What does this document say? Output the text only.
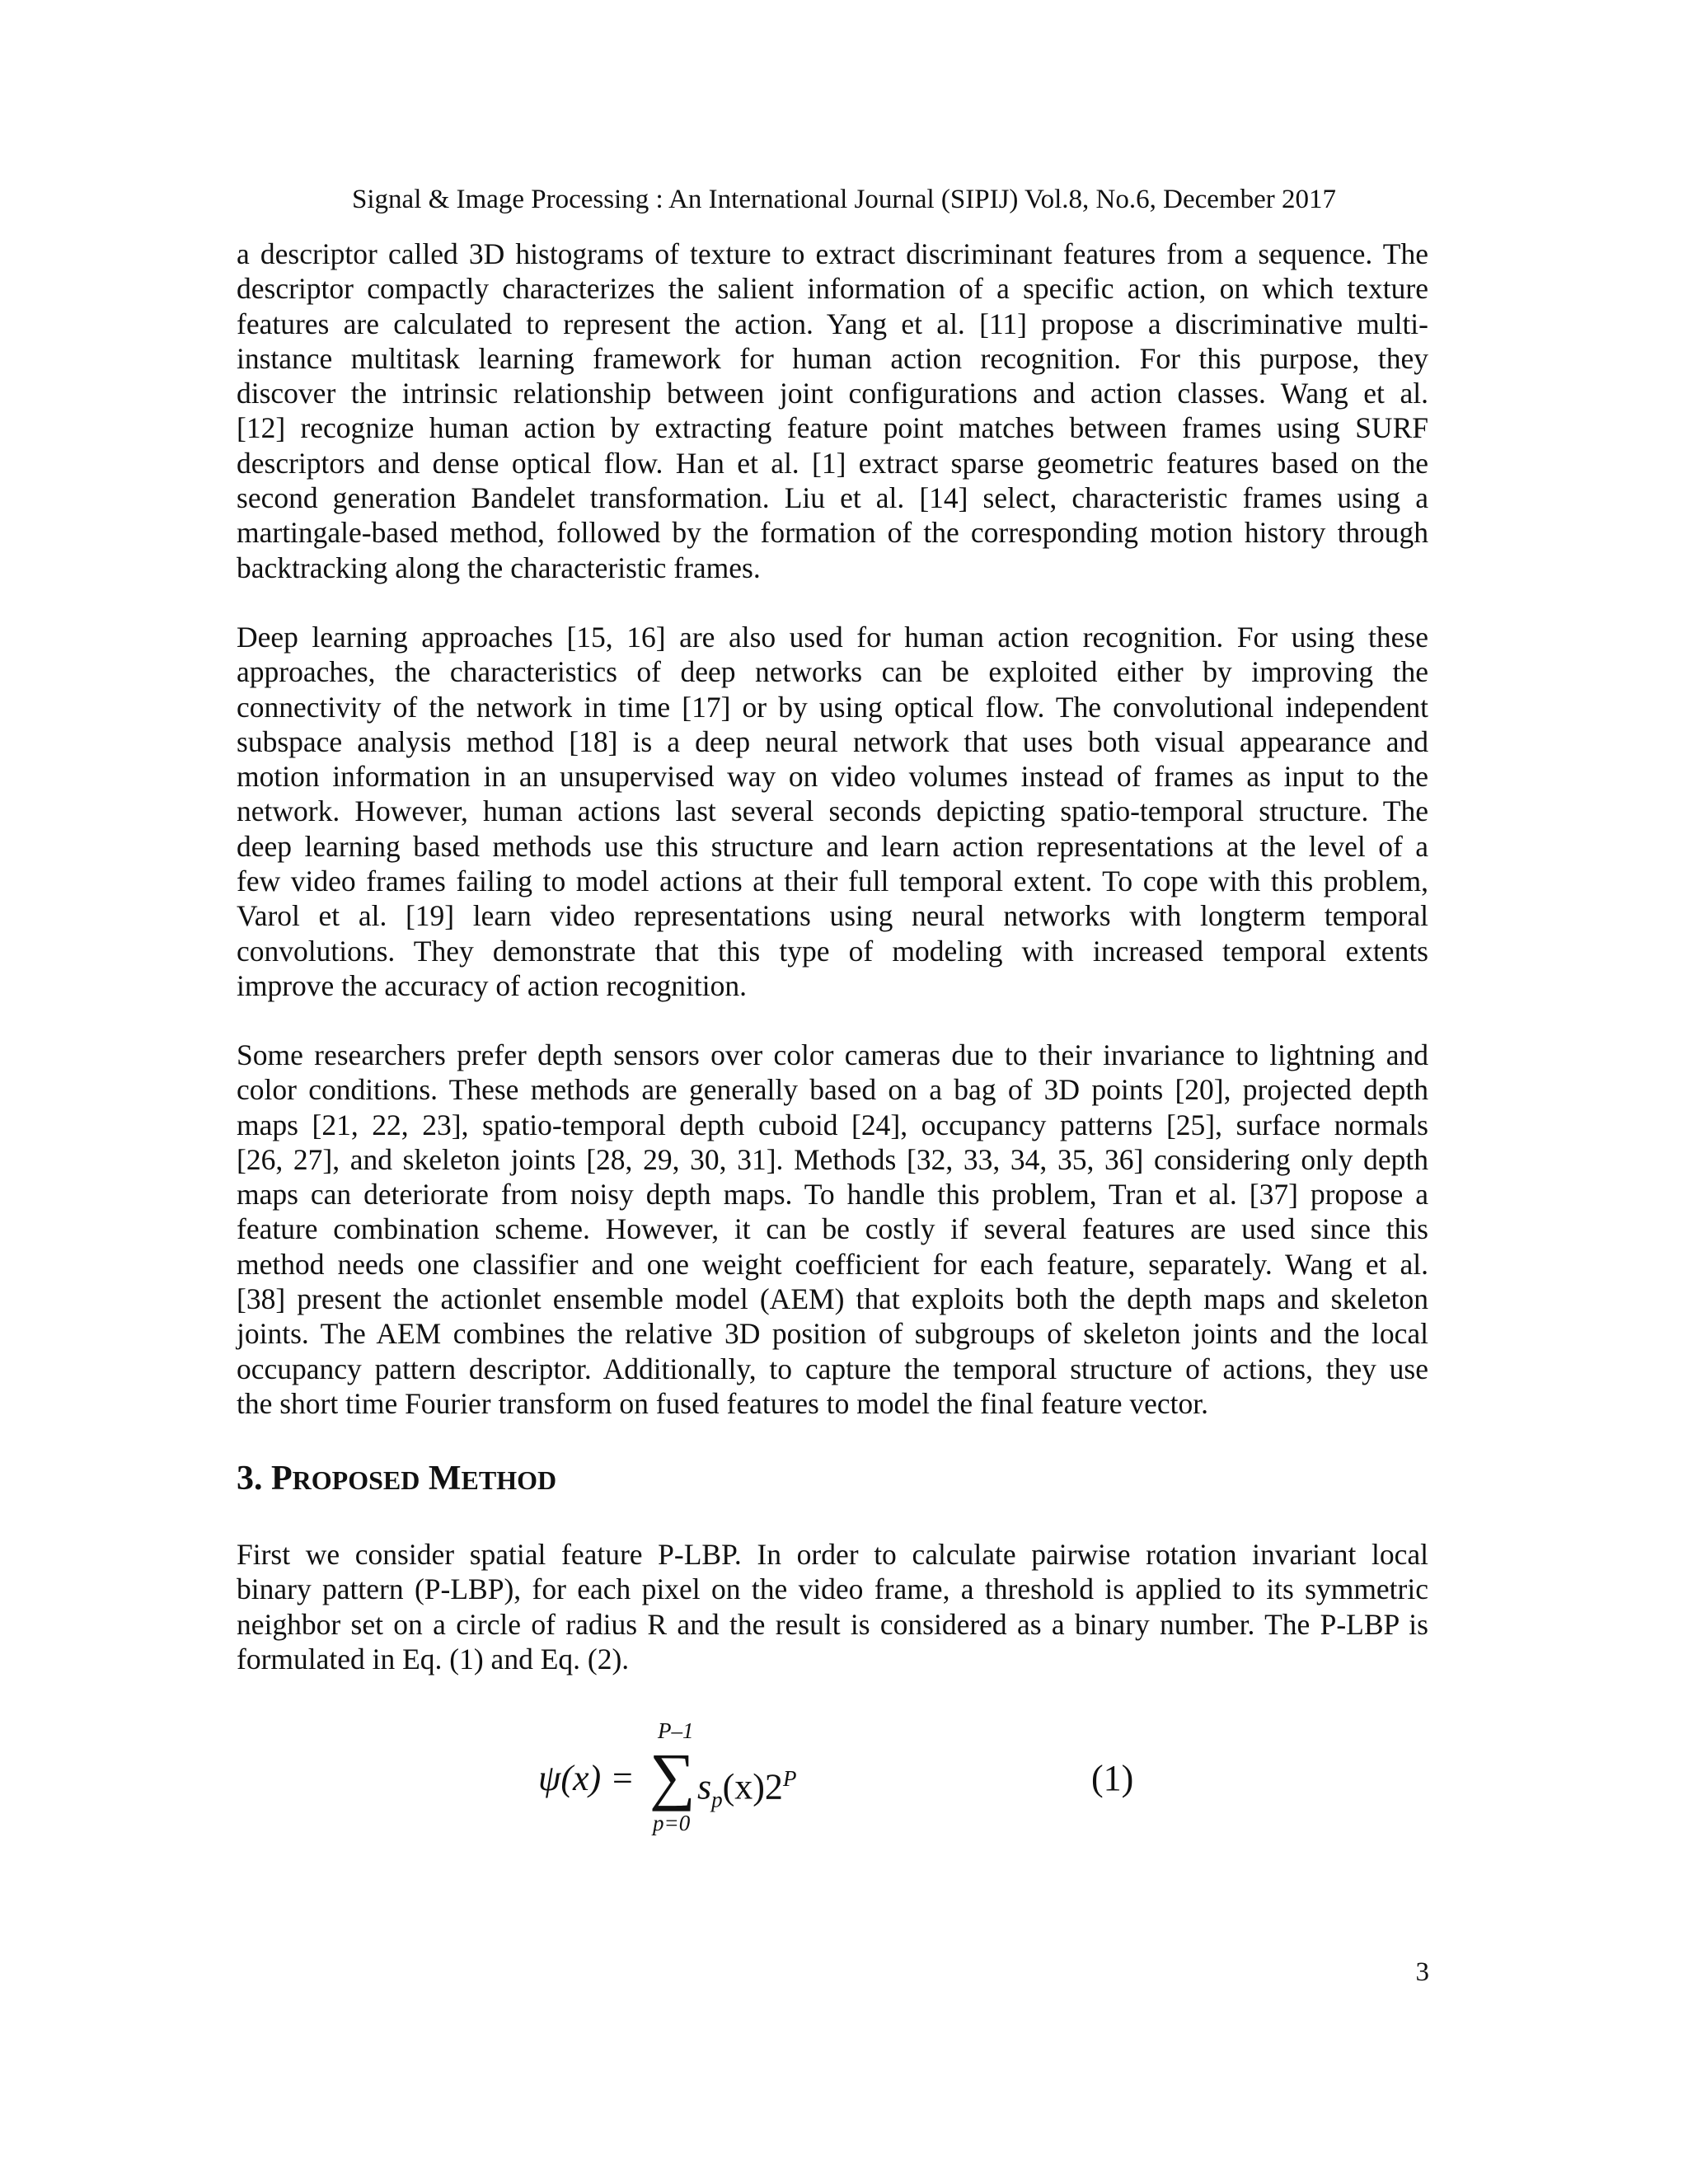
Signal & Image Processing : An International Journal (SIPIJ) Vol.8, No.6, December 2017

a descriptor called 3D histograms of texture to extract discriminant features from a sequence. The
descriptor compactly characterizes the salient information of a specific action, on which texture
features are calculated to represent the action. Yang et al. [11] propose a discriminative multi-
instance multitask learning framework for human action recognition. For this purpose, they
discover the intrinsic relationship between joint configurations and action classes. Wang et al.
[12] recognize human action by extracting feature point matches between frames using SURF
descriptors and dense optical flow. Han et al. [1] extract sparse geometric features based on the
second generation Bandelet transformation. Liu et al. [14] select, characteristic frames using a
martingale-based method, followed by the formation of the corresponding motion history through
backtracking along the characteristic frames.

Deep learning approaches [15, 16] are also used for human action recognition. For using these
approaches, the characteristics of deep networks can be exploited either by improving the
connectivity of the network in time [17] or by using optical flow. The convolutional independent
subspace analysis method [18] is a deep neural network that uses both visual appearance and
motion information in an unsupervised way on video volumes instead of frames as input to the
network. However, human actions last several seconds depicting spatio-temporal structure. The
deep learning based methods use this structure and learn action representations at the level of a
few video frames failing to model actions at their full temporal extent. To cope with this problem,
Varol et al. [19] learn video representations using neural networks with longterm temporal
convolutions. They demonstrate that this type of modeling with increased temporal extents
improve the accuracy of action recognition.

Some researchers prefer depth sensors over color cameras due to their invariance to lightning and
color conditions. These methods are generally based on a bag of 3D points [20], projected depth
maps [21, 22, 23], spatio-temporal depth cuboid [24], occupancy patterns [25], surface normals
[26, 27], and skeleton joints [28, 29, 30, 31]. Methods [32, 33, 34, 35, 36] considering only depth
maps can deteriorate from noisy depth maps. To handle this problem, Tran et al. [37] propose a
feature combination scheme. However, it can be costly if several features are used since this
method needs one classifier and one weight coefficient for each feature, separately. Wang et al.
[38] present the actionlet ensemble model (AEM) that exploits both the depth maps and skeleton
joints. The AEM combines the relative 3D position of subgroups of skeleton joints and the local
occupancy pattern descriptor. Additionally, to capture the temporal structure of actions, they use
the short time Fourier transform on fused features to model the final feature vector.

3. PROPOSED METHOD

First we consider spatial feature P-LBP. In order to calculate pairwise rotation invariant local
binary pattern (P-LBP), for each pixel on the video frame, a threshold is applied to its symmetric
neighbor set on a circle of radius R and the result is considered as a binary number. The P-LBP is
formulated in Eq. (1) and Eq. (2).

ψ(x) =
P–1
∑
p=0
$s_p(x)2^P$	(1)
3
